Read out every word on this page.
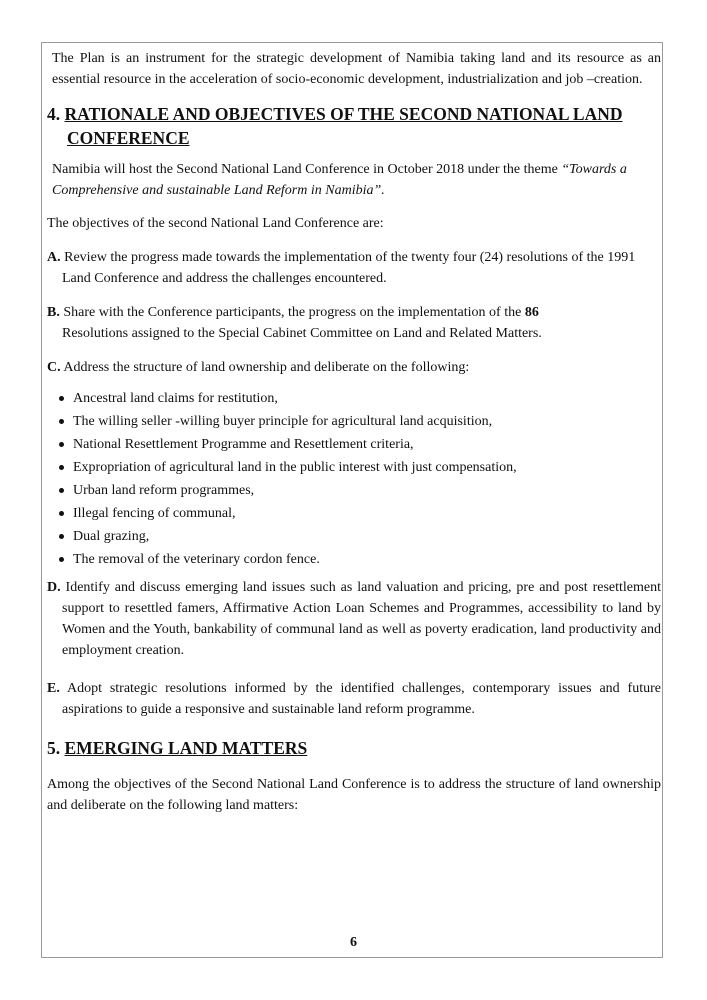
The Plan is an instrument for the strategic development of Namibia taking land and its resource as an essential resource in the acceleration of socio-economic development, industrialization and job –creation.

4. RATIONALE AND OBJECTIVES OF THE SECOND NATIONAL LAND
CONFERENCE

Namibia will host the Second National Land Conference in October 2018 under the theme “Towards a Comprehensive and sustainable Land Reform in Namibia”.

The objectives of the second National Land Conference are:

A. Review the progress made towards the implementation of the twenty four (24) resolutions of the 1991 Land Conference and address the challenges encountered.

B. Share with the Conference participants, the progress on the implementation of the 86
Resolutions assigned to the Special Cabinet Committee on Land and Related Matters.

C. Address the structure of land ownership and deliberate on the following:

Ancestral land claims for restitution,
The willing seller -willing buyer principle for agricultural land acquisition,
National Resettlement Programme and Resettlement criteria,
Expropriation of agricultural land in the public interest with just compensation,
Urban land reform programmes,
Illegal fencing of communal,
Dual grazing,
The removal of the veterinary cordon fence.

D. Identify and discuss emerging land issues such as land valuation and pricing, pre and post resettlement support to resettled famers, Affirmative Action Loan Schemes and Programmes, accessibility to land by Women and the Youth, bankability of communal land as well as poverty eradication, land productivity and employment creation.

E. Adopt strategic resolutions informed by the identified challenges, contemporary issues and future aspirations to guide a responsive and sustainable land reform programme.

5. EMERGING LAND MATTERS

Among the objectives of the Second National Land Conference is to address the structure of land ownership and deliberate on the following land matters:

6
